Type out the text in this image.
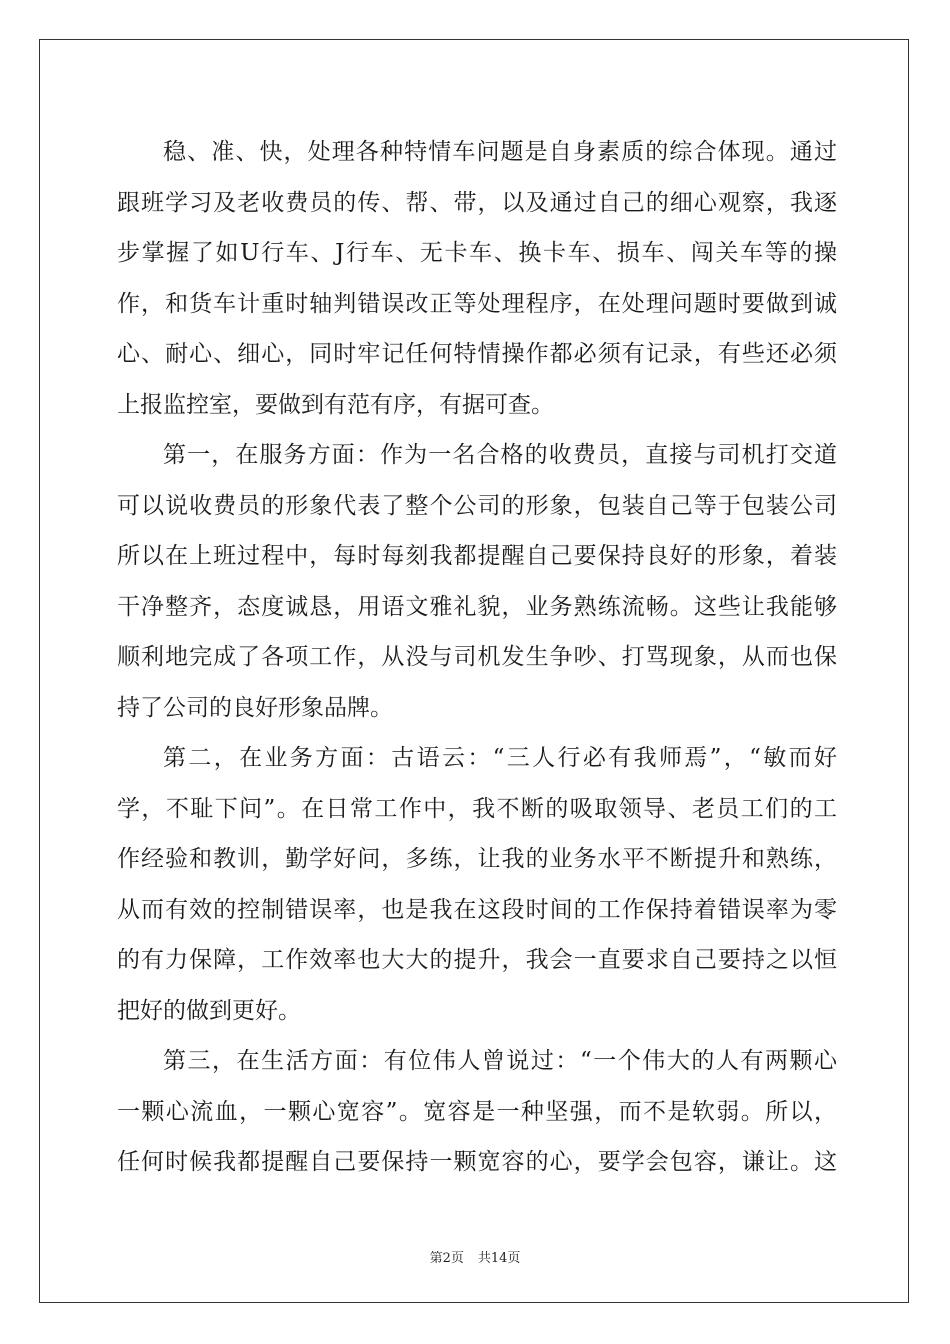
稳、准、快，处理各种特情车问题是自身素质的综合体现。通过
跟班学习及老收费员的传、帮、带，以及通过自己的细心观察，我逐
步掌握了如U行车、J行车、无卡车、换卡车、损车、闯关车等的操
作，和货车计重时轴判错误改正等处理程序，在处理问题时要做到诚
心、耐心、细心，同时牢记任何特情操作都必须有记录，有些还必须
上报监控室，要做到有范有序，有据可查。
第一，在服务方面：作为一名合格的收费员，直接与司机打交道
可以说收费员的形象代表了整个公司的形象，包装自己等于包装公司
所以在上班过程中，每时每刻我都提醒自己要保持良好的形象，着装
干净整齐，态度诚恳，用语文雅礼貌，业务熟练流畅。这些让我能够
顺利地完成了各项工作，从没与司机发生争吵、打骂现象，从而也保
持了公司的良好形象品牌。
第二，在业务方面：古语云：“三人行必有我师焉”，“敏而好
学，不耻下问”。在日常工作中，我不断的吸取领导、老员工们的工
作经验和教训，勤学好问，多练，让我的业务水平不断提升和熟练，
从而有效的控制错误率，也是我在这段时间的工作保持着错误率为零
的有力保障，工作效率也大大的提升，我会一直要求自己要持之以恒
把好的做到更好。
第三，在生活方面：有位伟人曾说过：“一个伟大的人有两颗心
一颗心流血，一颗心宽容”。宽容是一种坚强，而不是软弱。所以，
任何时候我都提醒自己要保持一颗宽容的心，要学会包容，谦让。这
第2页 共14页
